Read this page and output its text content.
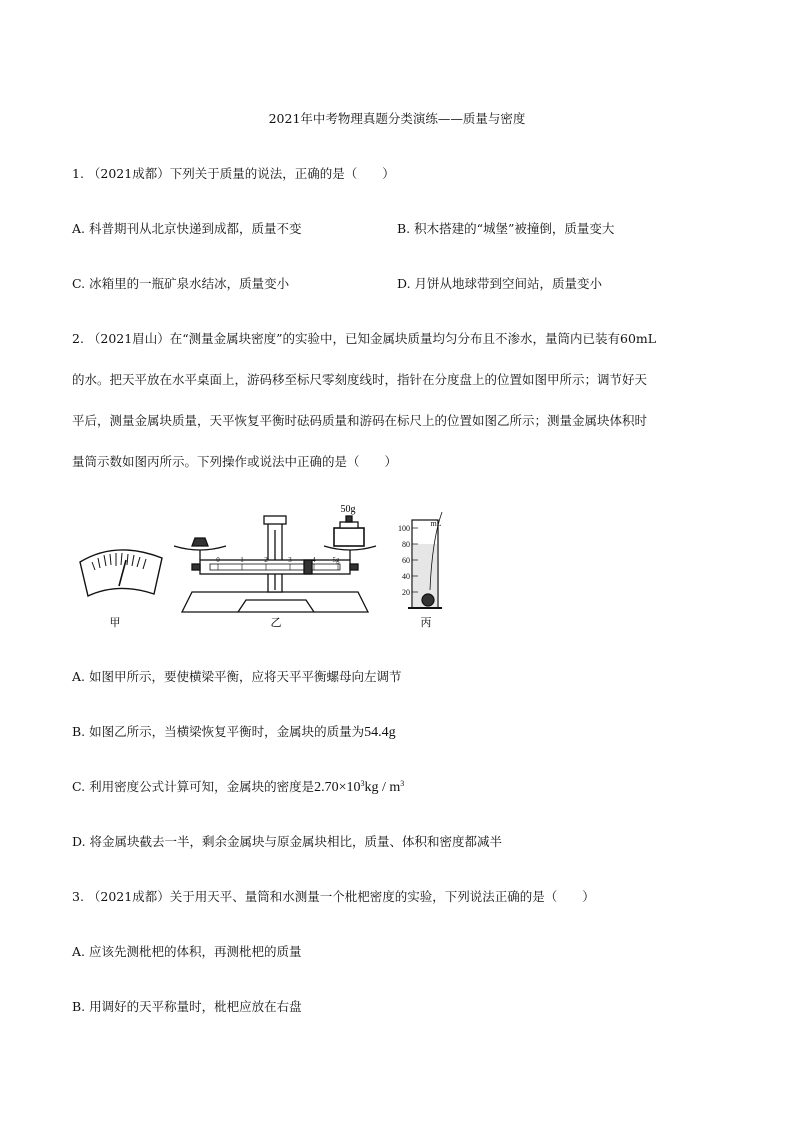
2021年中考物理真题分类演练——质量与密度
1. （2021成都）下列关于质量的说法，正确的是（　　）
A. 科普期刊从北京快递到成都，质量不变	B. 积木搭建的“城堡”被撞倒，质量变大
C. 冰箱里的一瓶矿泉水结冰，质量变小	D. 月饼从地球带到空间站，质量变小
2. （2021眉山）在“测量金属块密度”的实验中，已知金属块质量均匀分布且不渗水，量筒内已装有60mL
的水。把天平放在水平桌面上，游码移至标尺零刻度线时，指针在分度盘上的位置如图甲所示；调节好天
平后，测量金属块质量，天平恢复平衡时砝码质量和游码在标尺上的位置如图乙所示；测量金属块体积时
量筒示数如图丙所示。下列操作或说法中正确的是（　　）
甲
50g
0	1	2	3	4 5g
乙
mL
100
80
60
40
20
丙
A. 如图甲所示，要使横梁平衡，应将天平平衡螺母向左调节
B. 如图乙所示，当横梁恢复平衡时，金属块的质量为54.4g
C. 利用密度公式计算可知，金属块的密度是$2.70\times 10^3kg / m^3$
D. 将金属块截去一半，剩余金属块与原金属块相比，质量、体积和密度都减半
3. （2021成都）关于用天平、量筒和水测量一个枇杷密度的实验，下列说法正确的是（　　）
A. 应该先测枇杷的体积，再测枇杷的质量
B. 用调好的天平称量时，枇杷应放在右盘
